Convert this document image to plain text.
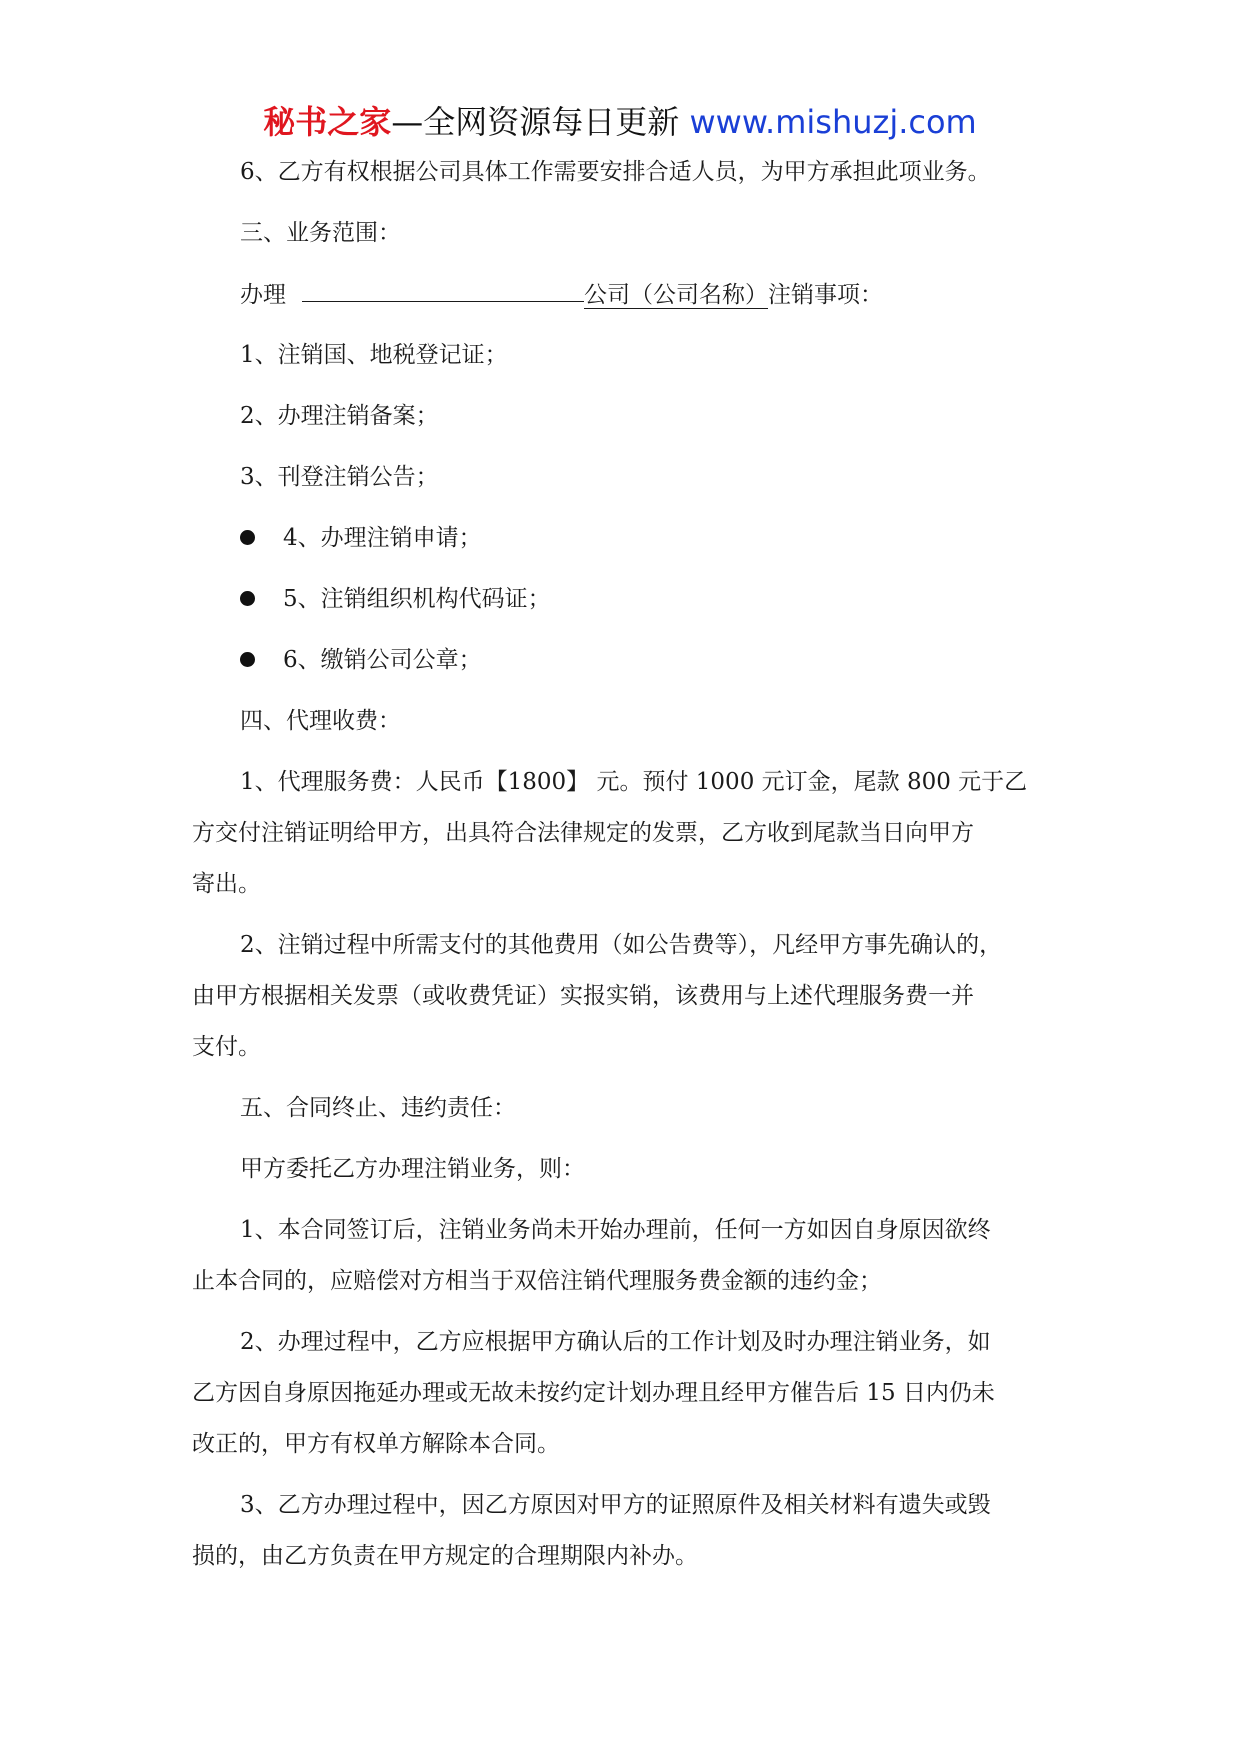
秘书之家—全网资源每日更新 www.mishuzj.com
6、乙方有权根据公司具体工作需要安排合适人员，为甲方承担此项业务。
三、业务范围：
办理	公司（公司名称）注销事项：
1、注销国、地税登记证；
2、办理注销备案；
3、刊登注销公告；
4、办理注销申请；
5、注销组织机构代码证；
6、缴销公司公章；
四、代理收费：
1、代理服务费：人民币【1800】 元。预付 1000 元订金，尾款 800 元于乙
方交付注销证明给甲方，出具符合法律规定的发票，乙方收到尾款当日向甲方
寄出。
2、注销过程中所需支付的其他费用（如公告费等），凡经甲方事先确认的，
由甲方根据相关发票（或收费凭证）实报实销，该费用与上述代理服务费一并
支付。
五、合同终止、违约责任：
甲方委托乙方办理注销业务，则：
1、本合同签订后，注销业务尚未开始办理前，任何一方如因自身原因欲终
止本合同的，应赔偿对方相当于双倍注销代理服务费金额的违约金；
2、办理过程中，乙方应根据甲方确认后的工作计划及时办理注销业务，如
乙方因自身原因拖延办理或无故未按约定计划办理且经甲方催告后 15 日内仍未
改正的，甲方有权单方解除本合同。
3、乙方办理过程中，因乙方原因对甲方的证照原件及相关材料有遗失或毁
损的，由乙方负责在甲方规定的合理期限内补办。
